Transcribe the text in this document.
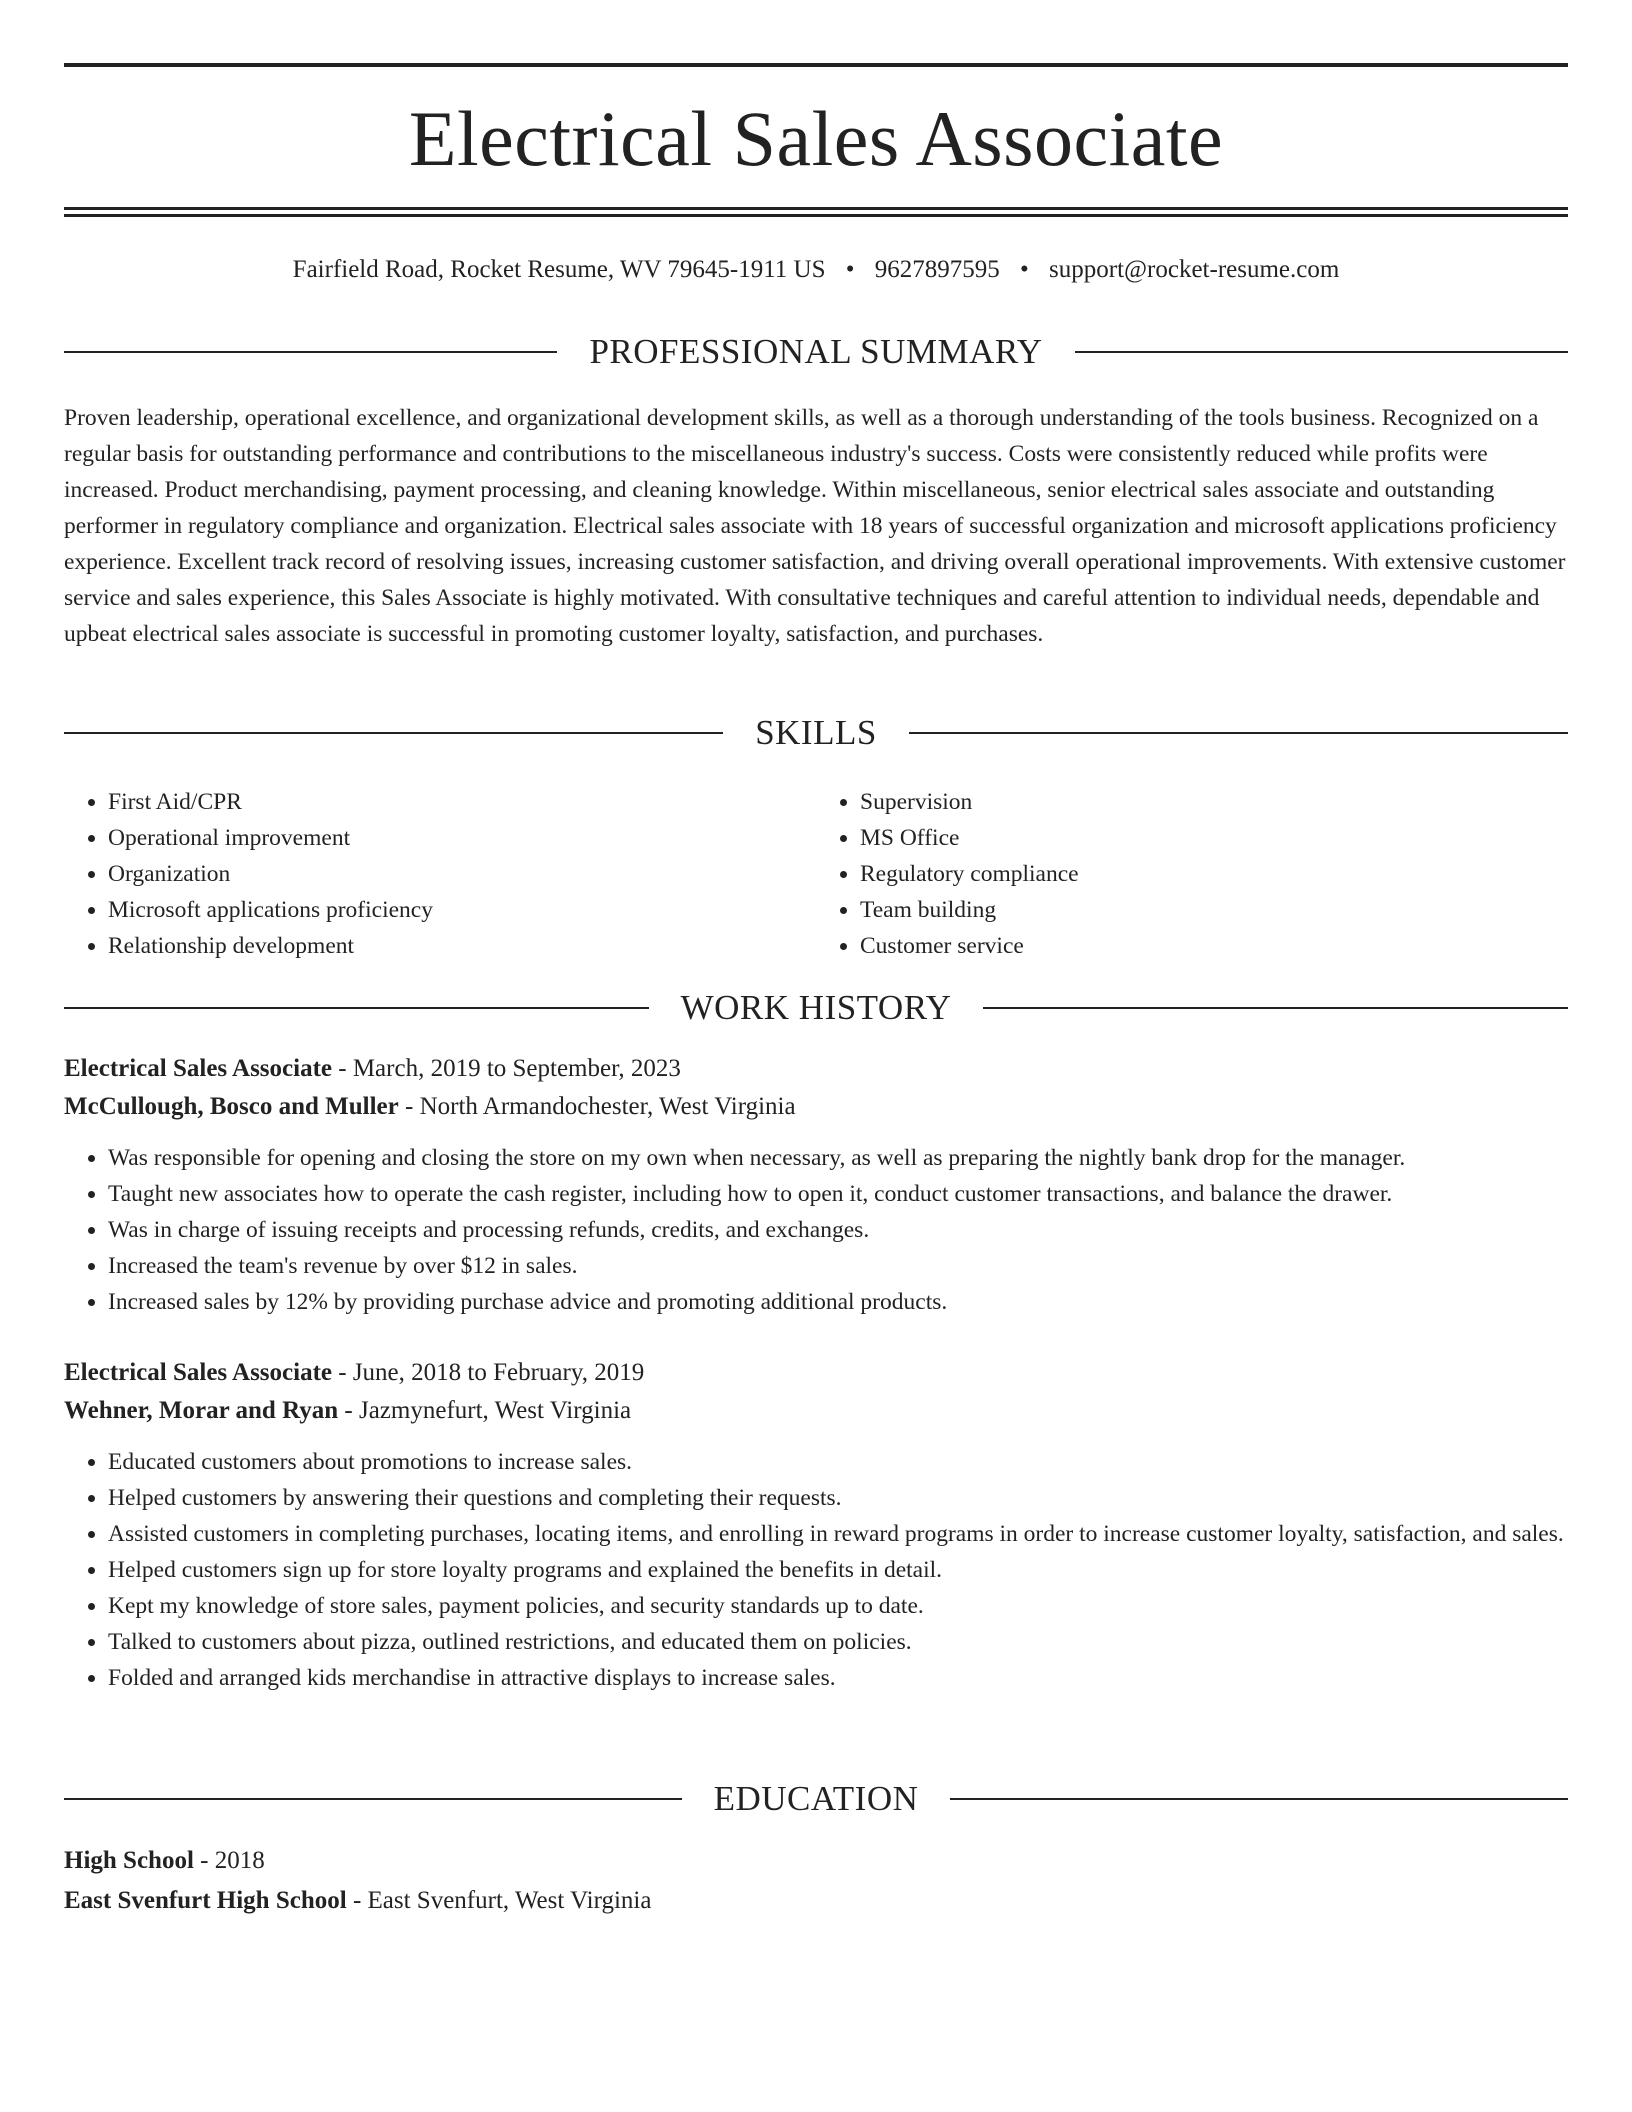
Electrical Sales Associate
Fairfield Road, Rocket Resume, WV 79645-1911 US • 9627897595 • support@rocket-resume.com
PROFESSIONAL SUMMARY

Proven leadership, operational excellence, and organizational development skills, as well as a thorough understanding of the tools business. Recognized on a regular basis for outstanding performance and contributions to the miscellaneous industry's success. Costs were consistently reduced while profits were increased. Product merchandising, payment processing, and cleaning knowledge. Within miscellaneous, senior electrical sales associate and outstanding performer in regulatory compliance and organization. Electrical sales associate with 18 years of successful organization and microsoft applications proficiency experience. Excellent track record of resolving issues, increasing customer satisfaction, and driving overall operational improvements. With extensive customer service and sales experience, this Sales Associate is highly motivated. With consultative techniques and careful attention to individual needs, dependable and upbeat electrical sales associate is successful in promoting customer loyalty, satisfaction, and purchases.

SKILLS
• First Aid/CPR
• Operational improvement
• Organization
• Microsoft applications proficiency
• Relationship development
• Supervision
• MS Office
• Regulatory compliance
• Team building
• Customer service
WORK HISTORY
Electrical Sales Associate - March, 2019 to September, 2023
McCullough, Bosco and Muller - North Armandochester, West Virginia
• Was responsible for opening and closing the store on my own when necessary, as well as preparing the nightly bank drop for the manager.
• Taught new associates how to operate the cash register, including how to open it, conduct customer transactions, and balance the drawer.
• Was in charge of issuing receipts and processing refunds, credits, and exchanges.
• Increased the team's revenue by over $12 in sales.
• Increased sales by 12% by providing purchase advice and promoting additional products.
Electrical Sales Associate - June, 2018 to February, 2019
Wehner, Morar and Ryan - Jazmynefurt, West Virginia
• Educated customers about promotions to increase sales.
• Helped customers by answering their questions and completing their requests.
• Assisted customers in completing purchases, locating items, and enrolling in reward programs in order to increase customer loyalty, satisfaction, and sales.
• Helped customers sign up for store loyalty programs and explained the benefits in detail.
• Kept my knowledge of store sales, payment policies, and security standards up to date.
• Talked to customers about pizza, outlined restrictions, and educated them on policies.
• Folded and arranged kids merchandise in attractive displays to increase sales.
EDUCATION
High School - 2018
East Svenfurt High School - East Svenfurt, West Virginia
